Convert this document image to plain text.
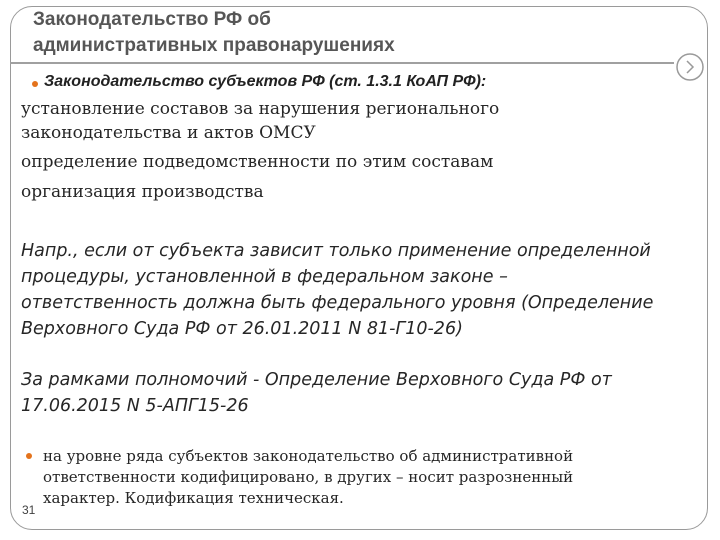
Законодательство РФ об
административных правонарушениях
Законодательство субъектов РФ (ст. 1.3.1 КоАП РФ):
установление составов за нарушения регионального
законодательства и актов ОМСУ
определение подведомственности по этим составам
организация производства
Напр., если от субъекта зависит только применение определенной
процедуры, установленной в федеральном законе –
ответственность должна быть федерального уровня (Определение
Верховного Суда РФ от 26.01.2011 N 81-Г10-26)
За рамками полномочий - Определение Верховного Суда РФ от
17.06.2015 N 5-АПГ15-26
на уровне ряда субъектов законодательство об административной
ответственности кодифицировано, в других – носит разрозненный
характер. Кодификация техническая.
31
